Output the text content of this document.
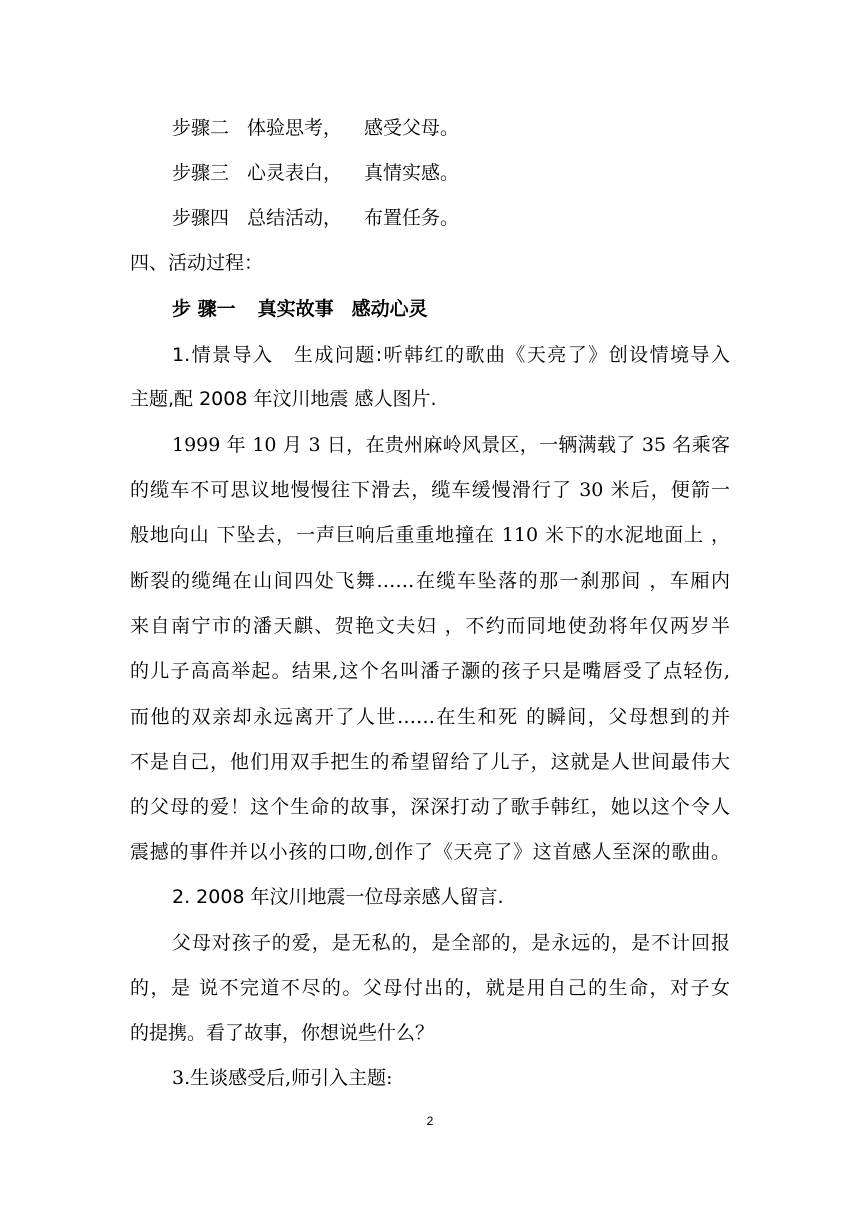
步骤二 体验思考， 感受父母。
步骤三 心灵表白， 真情实感。
步骤四 总结活动， 布置任务。
四、活动过程：
步 骤一 真实故事 感动心灵
1.情景导入　生成问题:听韩红的歌曲《天亮了》创设情境导入
主题,配 2008 年汶川地震 感人图片.
1999 年 10 月 3 日，在贵州麻岭风景区，一辆满载了 35 名乘客
的缆车不可思议地慢慢往下滑去，缆车缓慢滑行了 30 米后，便箭一
般地向山 下坠去，一声巨响后重重地撞在 110 米下的水泥地面上 ，
断裂的缆绳在山间四处飞舞……在缆车坠落的那一刹那间 ，车厢内
来自南宁市的潘天麒、贺艳文夫妇 ，不约而同地使劲将年仅两岁半
的儿子高高举起。结果,这个名叫潘子灏的孩子只是嘴唇受了点轻伤,
而他的双亲却永远离开了人世……在生和死 的瞬间，父母想到的并
不是自己，他们用双手把生的希望留给了儿子，这就是人世间最伟大
的父母的爱！这个生命的故事，深深打动了歌手韩红，她以这个令人
震撼的事件并以小孩的口吻,创作了《天亮了》这首感人至深的歌曲。
2. 2008 年汶川地震一位母亲感人留言.
父母对孩子的爱，是无私的，是全部的，是永远的，是不计回报
的，是 说不完道不尽的。父母付出的，就是用自己的生命，对子女
的提携。看了故事，你想说些什么？
3.生谈感受后,师引入主题:
2
